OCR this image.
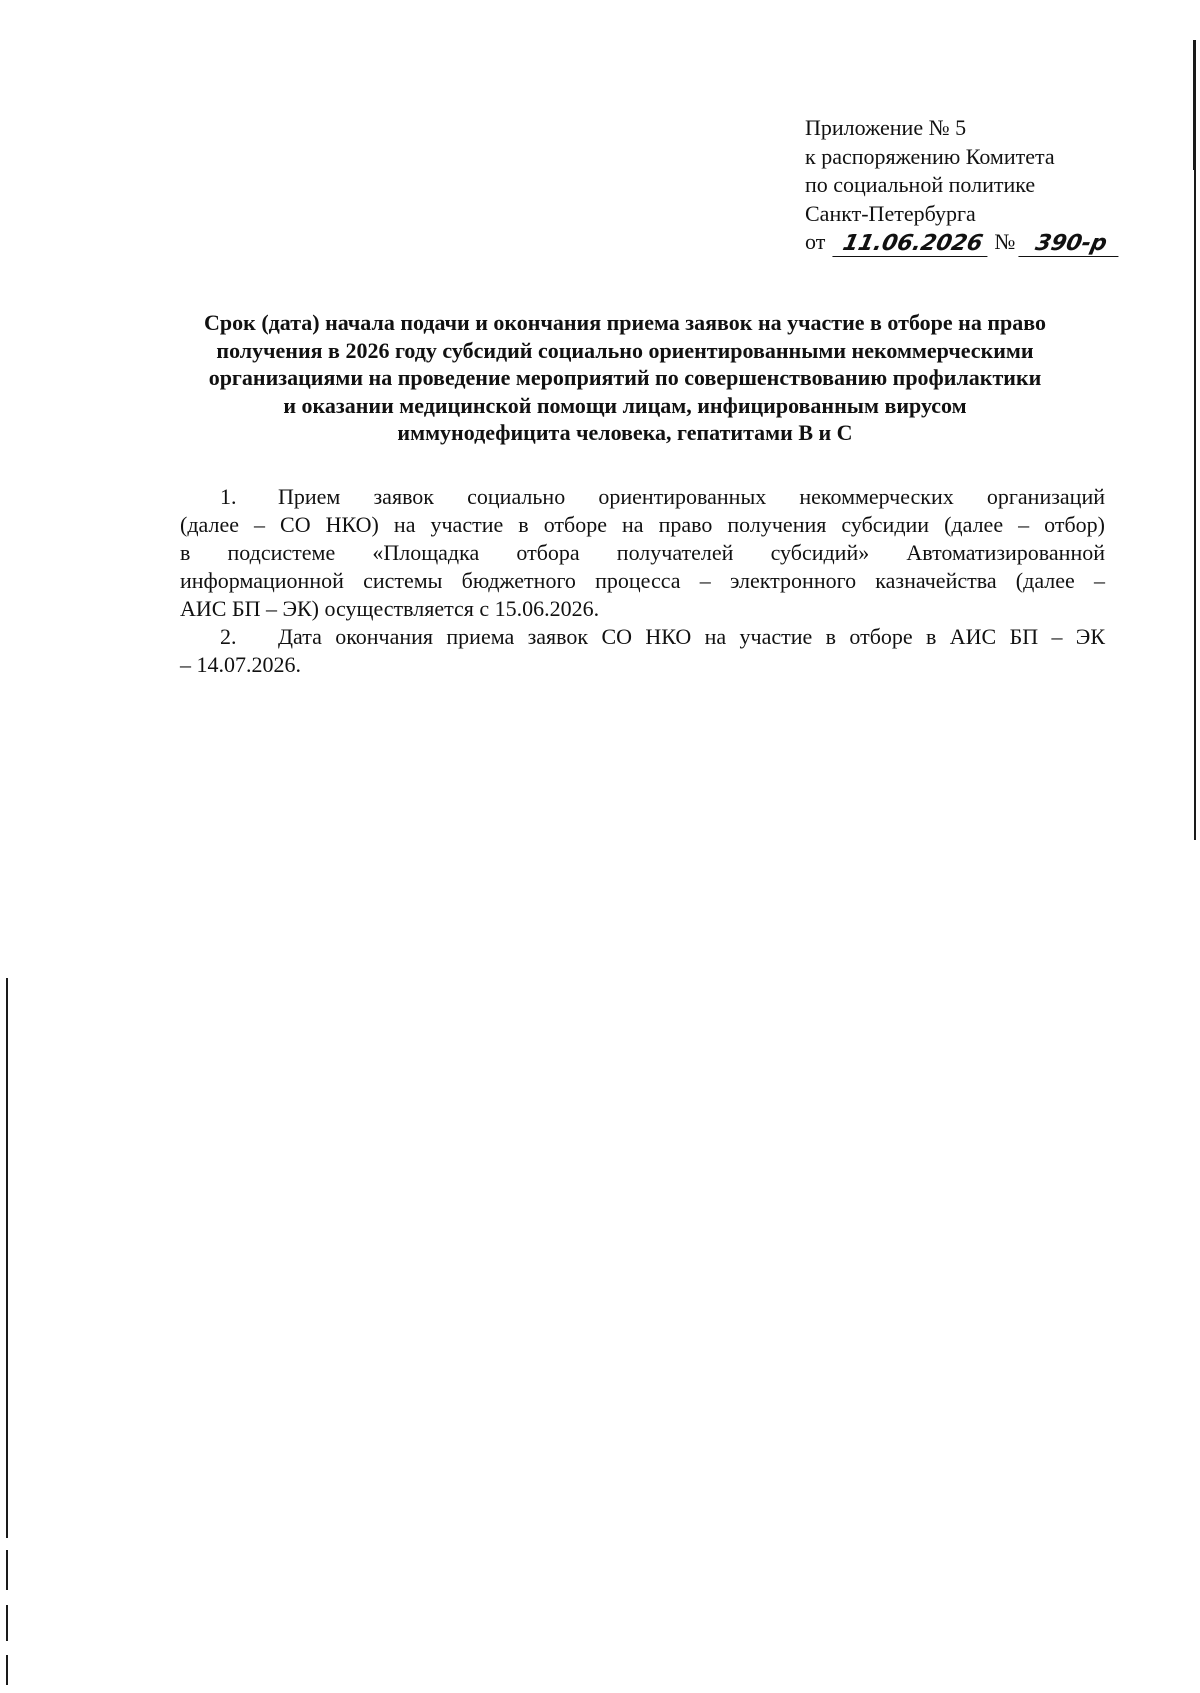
Приложение № 5
к распоряжению Комитета
по социальной политике
Санкт-Петербурга
от 11.06.2026 № 390-р
Срок (дата) начала подачи и окончания приема заявок на участие в отборе на право
получения в 2026 году субсидий социально ориентированными некоммерческими
организациями на проведение мероприятий по совершенствованию профилактики
и оказании медицинской помощи лицам, инфицированным вирусом
иммунодефицита человека, гепатитами В и С
1.	Прием заявок социально ориентированных некоммерческих организаций
(далее – СО НКО) на участие в отборе на право получения субсидии (далее – отбор)
в подсистеме «Площадка отбора получателей субсидий» Автоматизированной
информационной системы бюджетного процесса – электронного казначейства (далее –
АИС БП – ЭК) осуществляется с 15.06.2026.
2.	Дата окончания приема заявок СО НКО на участие в отборе в АИС БП – ЭК
– 14.07.2026.
